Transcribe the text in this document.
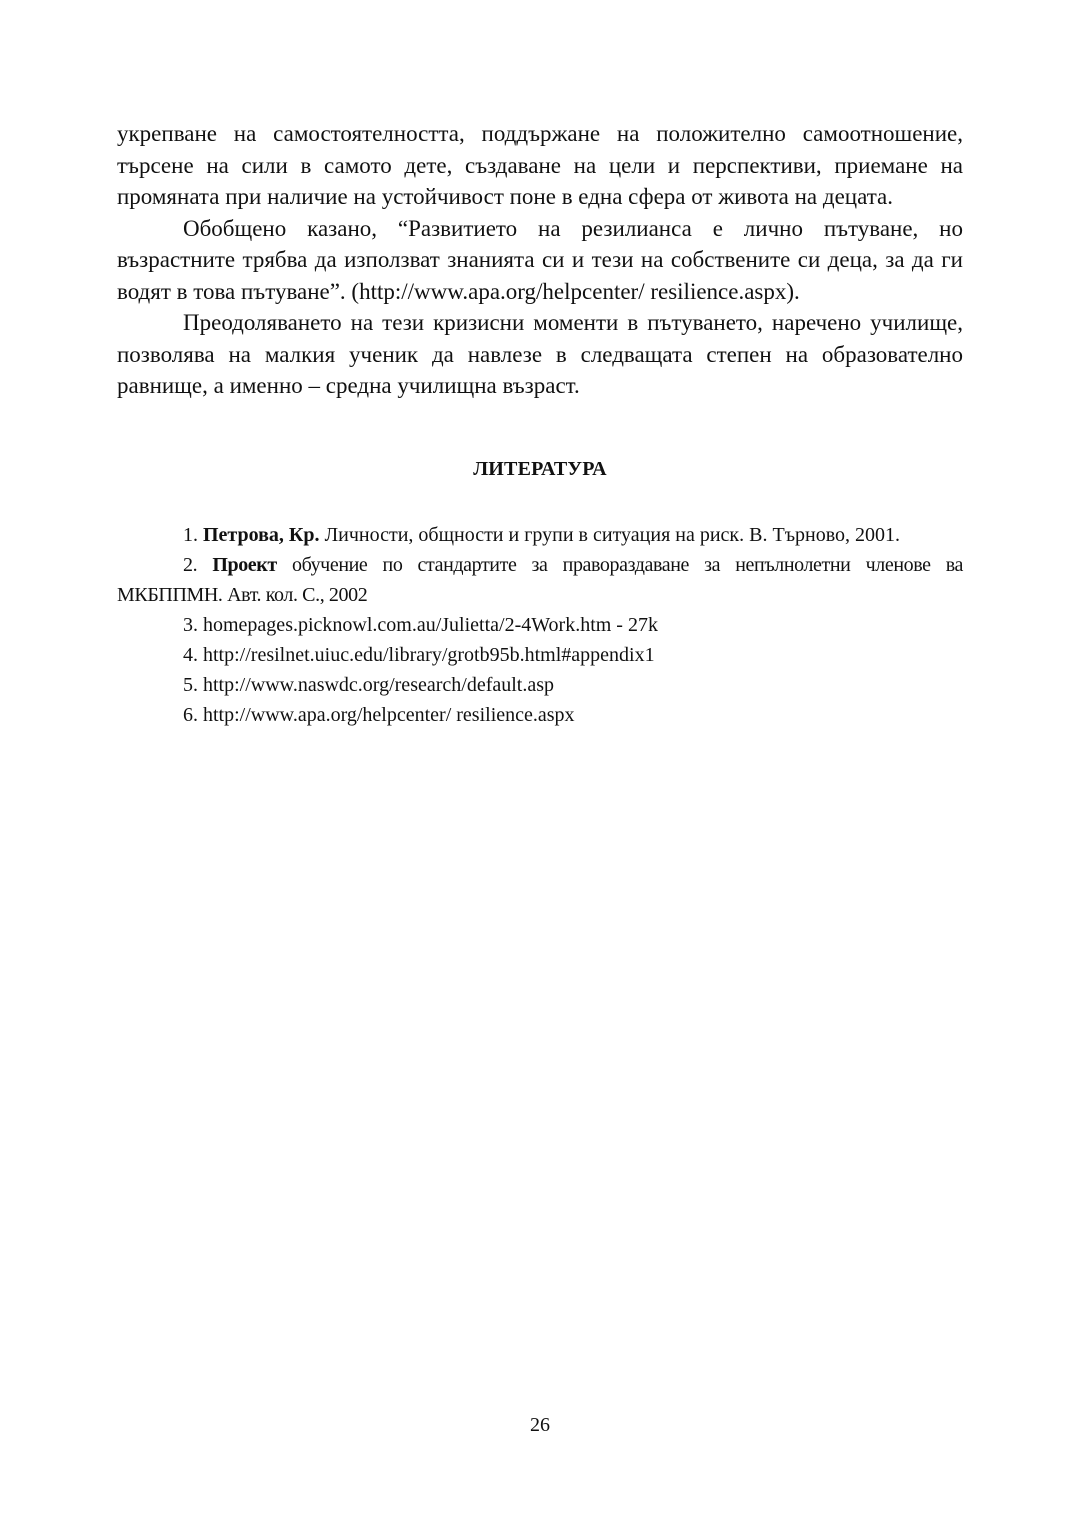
укрепване на самостоятелността, поддържане на положително самоотношение, търсене на сили в самото дете, създаване на цели и перспективи, приемане на промяната при наличие на устойчивост поне в една сфера от живота на децата.

Обобщено казано, “Развитието на резилианса е лично пътуване, но възрастните трябва да използват знанията си и тези на собствените си деца, за да ги водят в това пътуване”. (http://www.apa.org/helpcenter/ resilience.aspx).

Преодоляването на тези кризисни моменти в пътуването, наречено училище, позволява на малкия ученик да навлезе в следващата степен на образователно равнище, а именно – средна училищна възраст.

ЛИТЕРАТУРА

1. Петрова, Кр. Личности, общности и групи в ситуация на риск. В. Търново, 2001.

2. Проект обучение по стандартите за правораздаване за непълнолетни членове ва МКБППМН. Авт. кол. С., 2002

3. homepages.picknowl.com.au/Julietta/2-4Work.htm - 27k

4. http://resilnet.uiuc.edu/library/grotb95b.html#appendix1

5. http://www.naswdc.org/research/default.asp

6. http://www.apa.org/helpcenter/ resilience.aspx

26
